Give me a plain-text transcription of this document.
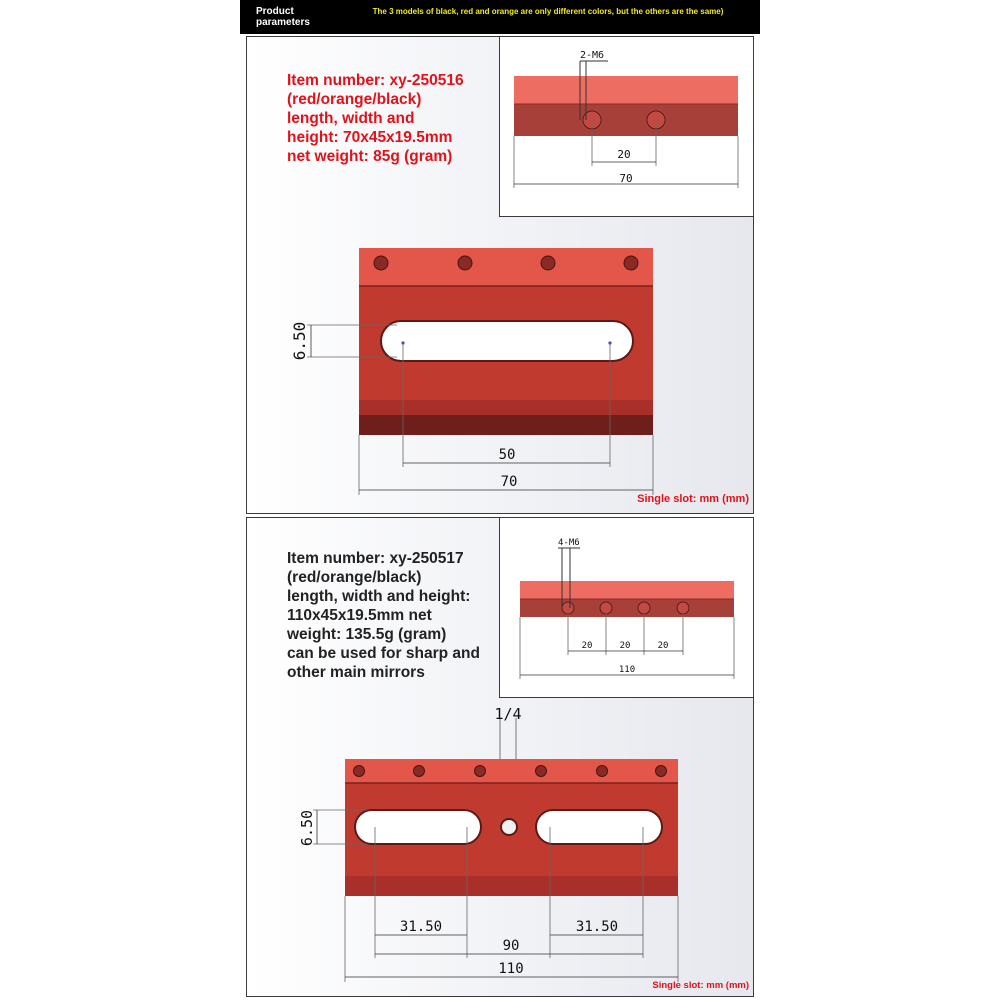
Product parameters
The 3 models of black, red and orange are only different colors, but the others are the same)
Item number: xy-250516
(red/orange/black)
length, width and
height: 70x45x19.5mm
net weight: 85g (gram)
2-M6
20
70
6.50
50
70
Single slot: mm (mm)
Item number: xy-250517
(red/orange/black)
length, width and height:
110x45x19.5mm net
weight: 135.5g (gram)
can be used for sharp and
other main mirrors
4-M6
20	20	20
110
1/4
6.50
31.50	31.50
90
110
Single slot: mm (mm)
